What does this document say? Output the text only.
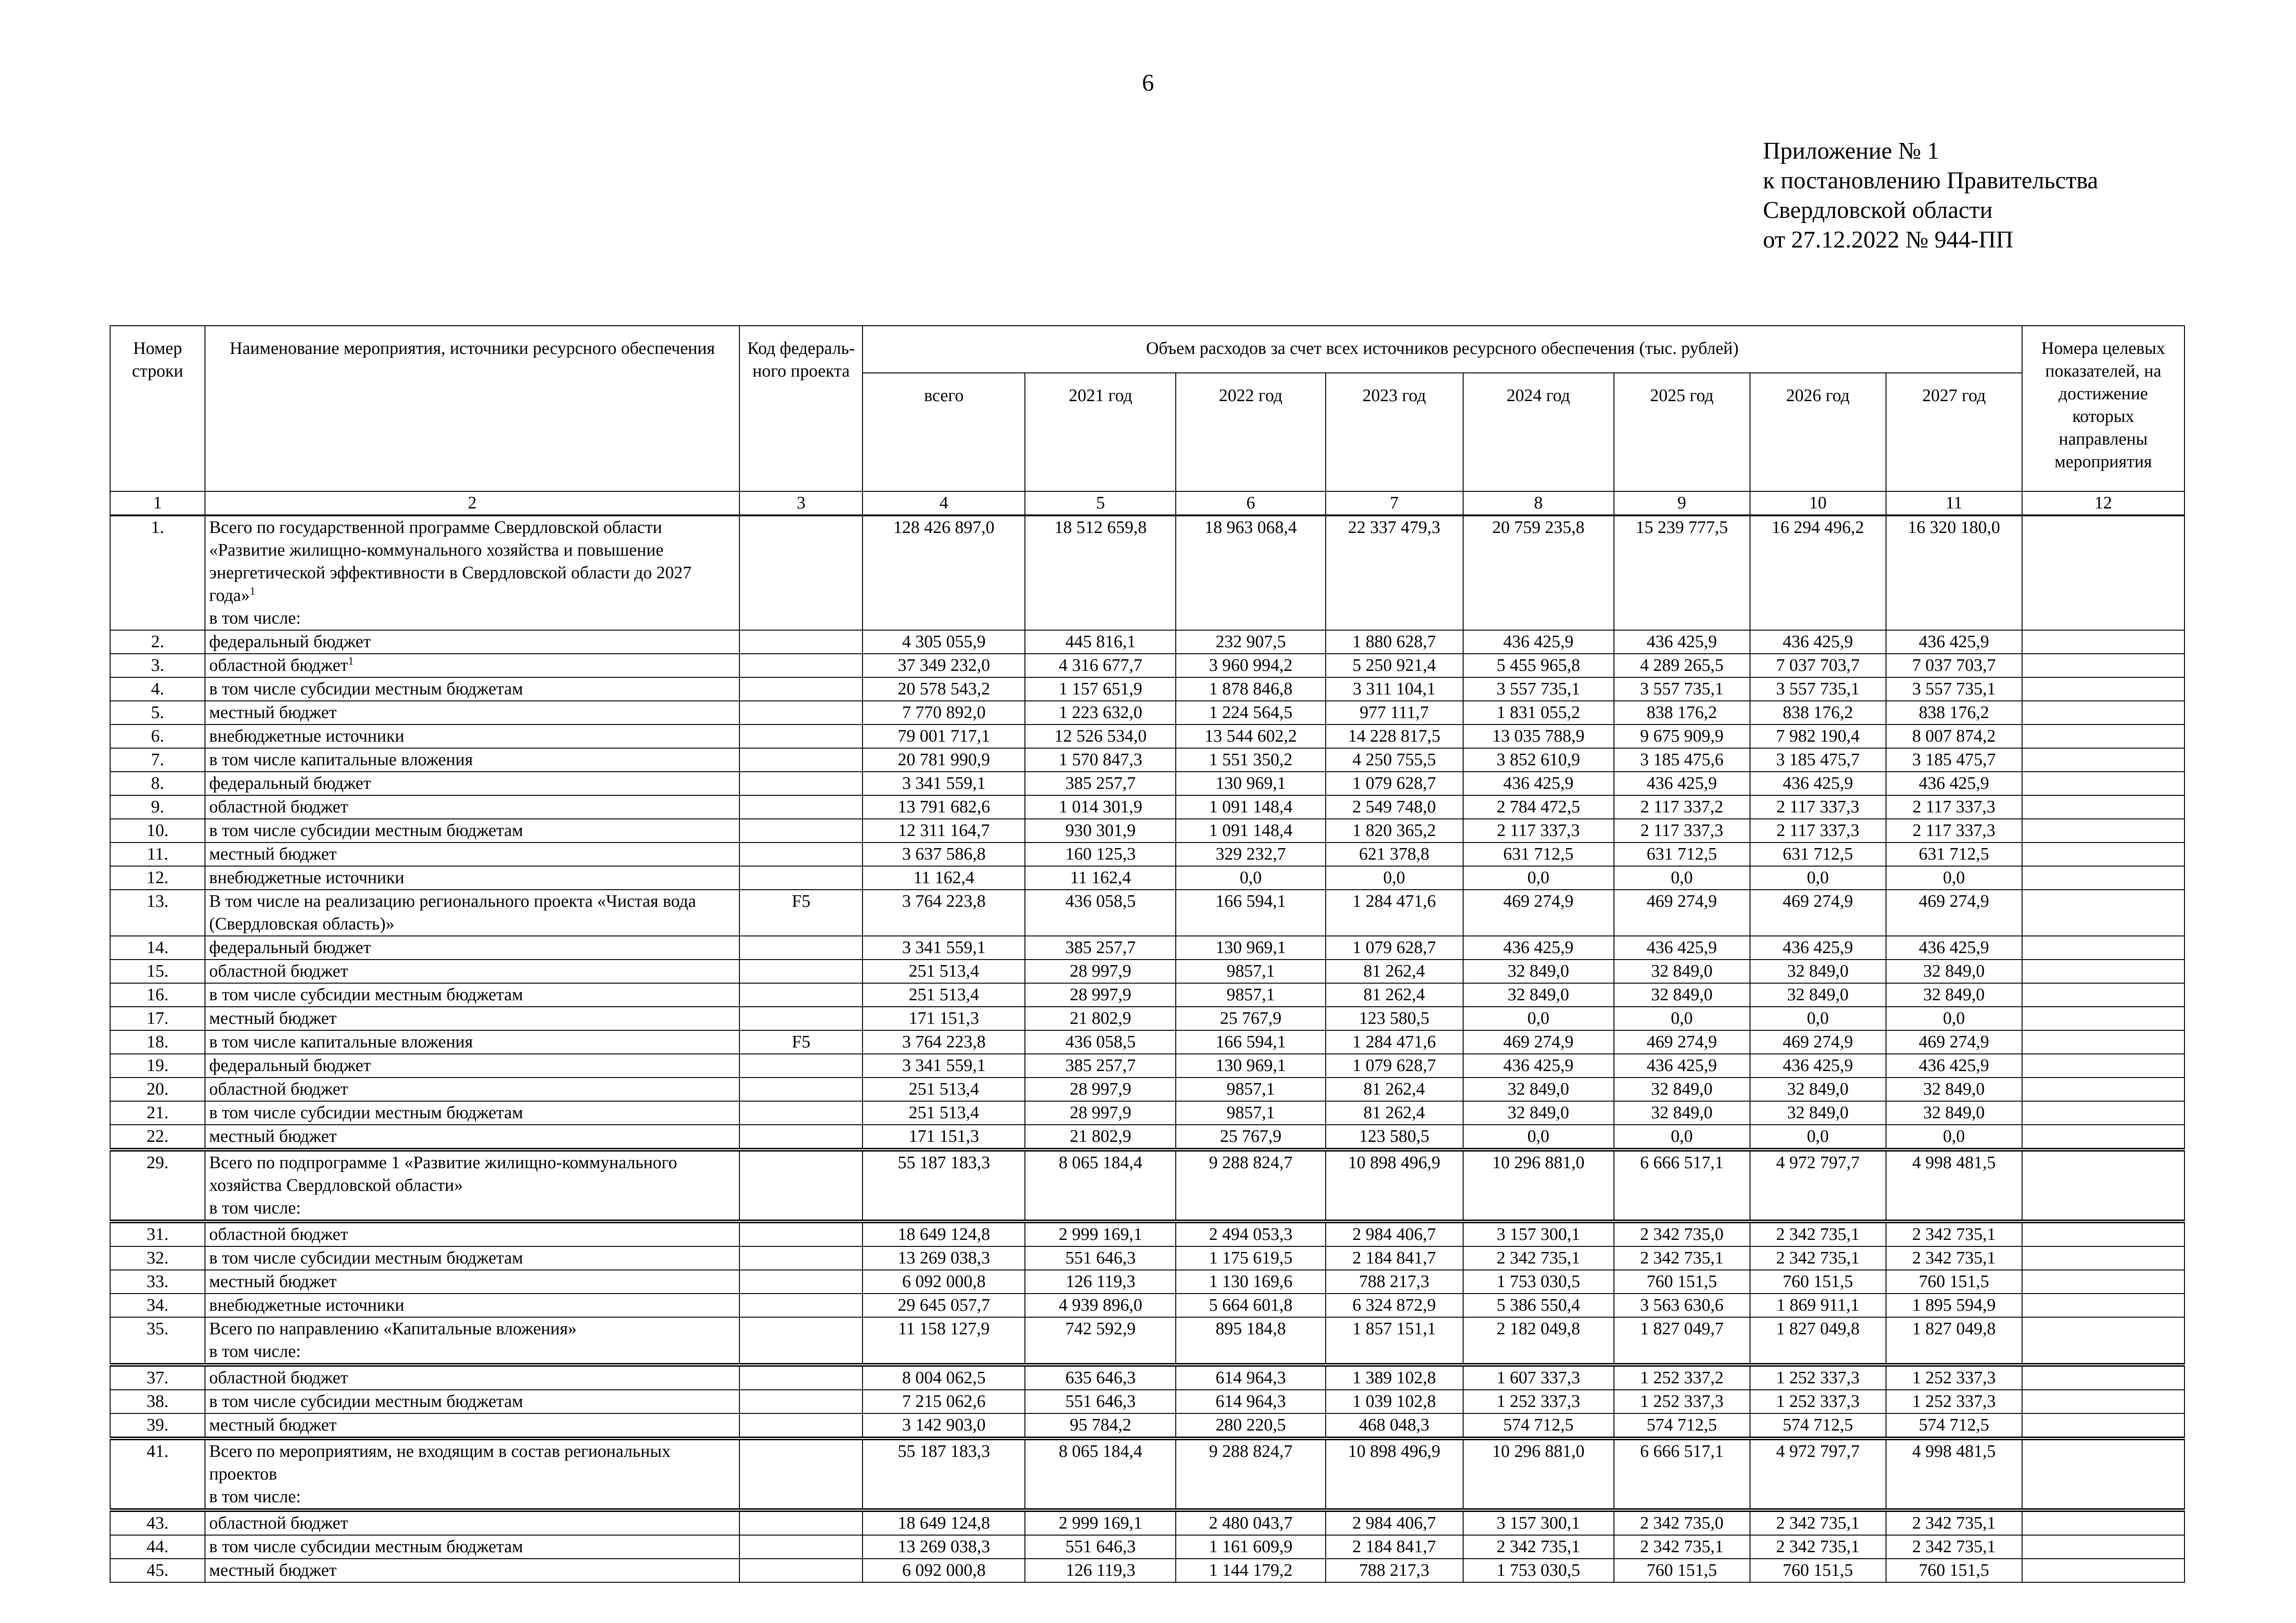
6
Приложение № 1
к постановлению Правительства
Свердловской области
от 27.12.2022 № 944-ПП
Номер строки	Наименование мероприятия, источники ресурсного обеспечения	Код федераль-ного проекта	Объем расходов за счет всех источников ресурсного обеспечения (тыс. рублей)								Номера целевых показателей, на достижение которых направлены мероприятия
			всего	2021 год	2022 год	2023 год	2024 год	2025 год	2026 год	2027 год	
1	2	3	4	5	6	7	8	9	10	11	12
1.	Всего по государственной программе Свердловской области «Развитие жилищно-коммунального хозяйства и повышение энергетической эффективности в Свердловской области до 2027 года»$^1$
в том числе:		128 426 897,0	18 512 659,8	18 963 068,4	22 337 479,3	20 759 235,8	15 239 777,5	16 294 496,2	16 320 180,0	
2.	федеральный бюджет		4 305 055,9	445 816,1	232 907,5	1 880 628,7	436 425,9	436 425,9	436 425,9	436 425,9	
3.	областной бюджет$^1$		37 349 232,0	4 316 677,7	3 960 994,2	5 250 921,4	5 455 965,8	4 289 265,5	7 037 703,7	7 037 703,7	
4.	в том числе субсидии местным бюджетам		20 578 543,2	1 157 651,9	1 878 846,8	3 311 104,1	3 557 735,1	3 557 735,1	3 557 735,1	3 557 735,1	
5.	местный бюджет		7 770 892,0	1 223 632,0	1 224 564,5	977 111,7	1 831 055,2	838 176,2	838 176,2	838 176,2	
6.	внебюджетные источники		79 001 717,1	12 526 534,0	13 544 602,2	14 228 817,5	13 035 788,9	9 675 909,9	7 982 190,4	8 007 874,2	
7.	в том числе капитальные вложения		20 781 990,9	1 570 847,3	1 551 350,2	4 250 755,5	3 852 610,9	3 185 475,6	3 185 475,7	3 185 475,7	
8.	федеральный бюджет		3 341 559,1	385 257,7	130 969,1	1 079 628,7	436 425,9	436 425,9	436 425,9	436 425,9	
9.	областной бюджет		13 791 682,6	1 014 301,9	1 091 148,4	2 549 748,0	2 784 472,5	2 117 337,2	2 117 337,3	2 117 337,3	
10.	в том числе субсидии местным бюджетам		12 311 164,7	930 301,9	1 091 148,4	1 820 365,2	2 117 337,3	2 117 337,3	2 117 337,3	2 117 337,3	
11.	местный бюджет		3 637 586,8	160 125,3	329 232,7	621 378,8	631 712,5	631 712,5	631 712,5	631 712,5	
12.	внебюджетные источники		11 162,4	11 162,4	0,0	0,0	0,0	0,0	0,0	0,0	
13.	В том числе на реализацию регионального проекта «Чистая вода (Свердловская область)»	F5	3 764 223,8	436 058,5	166 594,1	1 284 471,6	469 274,9	469 274,9	469 274,9	469 274,9	
14.	федеральный бюджет		3 341 559,1	385 257,7	130 969,1	1 079 628,7	436 425,9	436 425,9	436 425,9	436 425,9	
15.	областной бюджет		251 513,4	28 997,9	9857,1	81 262,4	32 849,0	32 849,0	32 849,0	32 849,0	
16.	в том числе субсидии местным бюджетам		251 513,4	28 997,9	9857,1	81 262,4	32 849,0	32 849,0	32 849,0	32 849,0	
17.	местный бюджет		171 151,3	21 802,9	25 767,9	123 580,5	0,0	0,0	0,0	0,0	
18.	в том числе капитальные вложения	F5	3 764 223,8	436 058,5	166 594,1	1 284 471,6	469 274,9	469 274,9	469 274,9	469 274,9	
19.	федеральный бюджет		3 341 559,1	385 257,7	130 969,1	1 079 628,7	436 425,9	436 425,9	436 425,9	436 425,9	
20.	областной бюджет		251 513,4	28 997,9	9857,1	81 262,4	32 849,0	32 849,0	32 849,0	32 849,0	
21.	в том числе субсидии местным бюджетам		251 513,4	28 997,9	9857,1	81 262,4	32 849,0	32 849,0	32 849,0	32 849,0	
22.	местный бюджет		171 151,3	21 802,9	25 767,9	123 580,5	0,0	0,0	0,0	0,0	
29.	Всего по подпрограмме 1 «Развитие жилищно-коммунального хозяйства Свердловской области»
в том числе:		55 187 183,3	8 065 184,4	9 288 824,7	10 898 496,9	10 296 881,0	6 666 517,1	4 972 797,7	4 998 481,5	
31.	областной бюджет		18 649 124,8	2 999 169,1	2 494 053,3	2 984 406,7	3 157 300,1	2 342 735,0	2 342 735,1	2 342 735,1	
32.	в том числе субсидии местным бюджетам		13 269 038,3	551 646,3	1 175 619,5	2 184 841,7	2 342 735,1	2 342 735,1	2 342 735,1	2 342 735,1	
33.	местный бюджет		6 092 000,8	126 119,3	1 130 169,6	788 217,3	1 753 030,5	760 151,5	760 151,5	760 151,5	
34.	внебюджетные источники		29 645 057,7	4 939 896,0	5 664 601,8	6 324 872,9	5 386 550,4	3 563 630,6	1 869 911,1	1 895 594,9	
35.	Всего по направлению «Капитальные вложения»
в том числе:		11 158 127,9	742 592,9	895 184,8	1 857 151,1	2 182 049,8	1 827 049,7	1 827 049,8	1 827 049,8	
37.	областной бюджет		8 004 062,5	635 646,3	614 964,3	1 389 102,8	1 607 337,3	1 252 337,2	1 252 337,3	1 252 337,3	
38.	в том числе субсидии местным бюджетам		7 215 062,6	551 646,3	614 964,3	1 039 102,8	1 252 337,3	1 252 337,3	1 252 337,3	1 252 337,3	
39.	местный бюджет		3 142 903,0	95 784,2	280 220,5	468 048,3	574 712,5	574 712,5	574 712,5	574 712,5	
41.	Всего по мероприятиям, не входящим в состав региональных проектов
в том числе:		55 187 183,3	8 065 184,4	9 288 824,7	10 898 496,9	10 296 881,0	6 666 517,1	4 972 797,7	4 998 481,5	
43.	областной бюджет		18 649 124,8	2 999 169,1	2 480 043,7	2 984 406,7	3 157 300,1	2 342 735,0	2 342 735,1	2 342 735,1	
44.	в том числе субсидии местным бюджетам		13 269 038,3	551 646,3	1 161 609,9	2 184 841,7	2 342 735,1	2 342 735,1	2 342 735,1	2 342 735,1	
45.	местный бюджет		6 092 000,8	126 119,3	1 144 179,2	788 217,3	1 753 030,5	760 151,5	760 151,5	760 151,5	
